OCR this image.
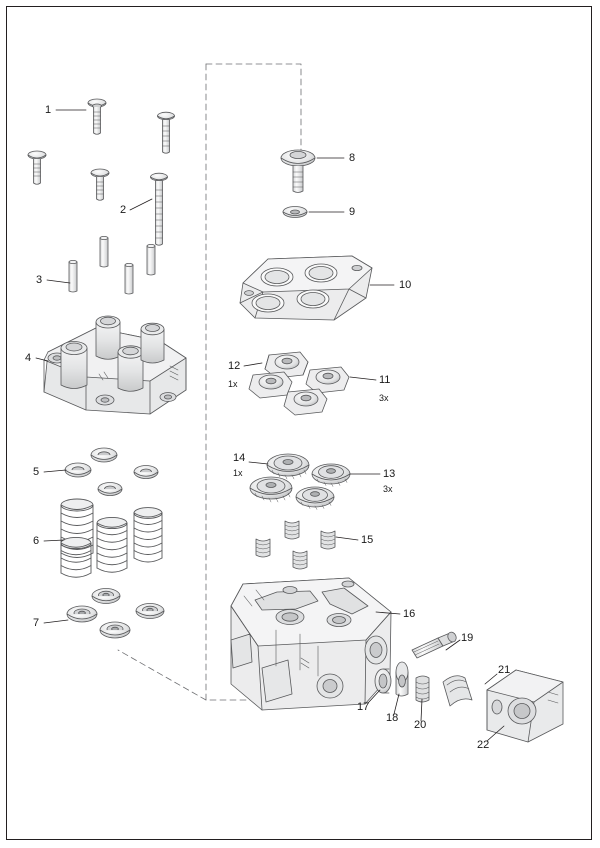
1
2
3
4
5
6
7
8
9
10
11
12
13
14
15
16
17
18
19
20
21
22
1x
3x
1x
3x
